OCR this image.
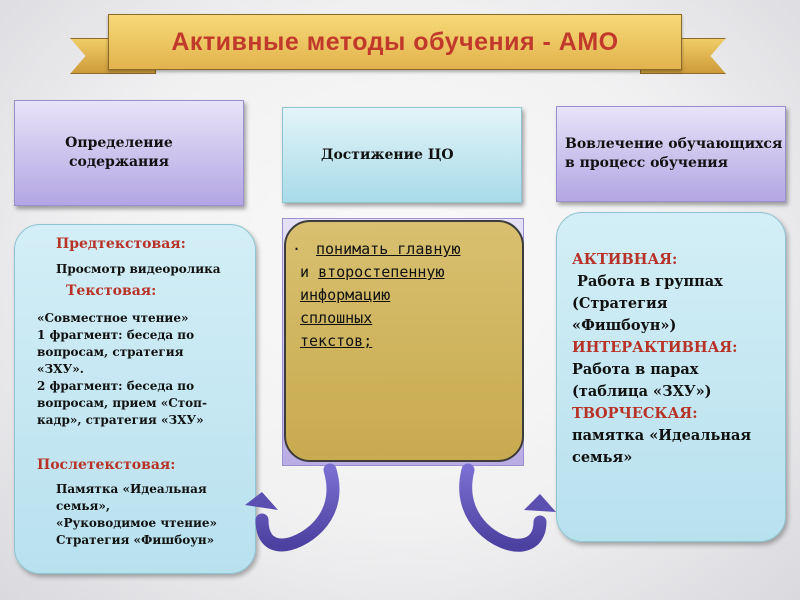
Активные методы обучения - АМО
Определение содержания	Достижение ЦО
Вовлечение обучающихся в процесс обучения
Предтекстовая:
Просмотр видеоролика
Текстовая:
«Совместное чтение»
1 фрагмент: беседа по
вопросам, стратегия
«ЗХУ».
2 фрагмент: беседа по
вопросам, прием «Стоп-
кадр», стратегия «ЗХУ»
Послетекстовая:
Памятка «Идеальная
семья»,
«Руководимое чтение»
Стратегия «Фишбоун»
· понимать главную
и второстепенную
информацию
сплошных
текстов;
АКТИВНАЯ:
Работа в группах
(Стратегия
«Фишбоун»)
ИНТЕРАКТИВНАЯ:
Работа в парах
(таблица «ЗХУ»)
ТВОРЧЕСКАЯ:
памятка «Идеальная
семья»
